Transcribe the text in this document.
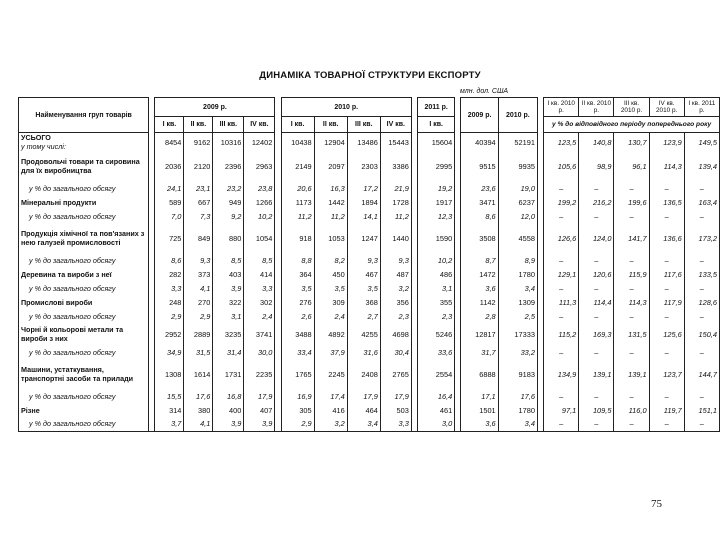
ДИНАМІКА ТОВАРНОЇ СТРУКТУРИ ЕКСПОРТУ
млн. дол. США
Найменування груп товарів		2009 р.					2010 р.					2011 р.		2009 р.	2010 р.		I кв. 2010 р.	II кв. 2010 р.	III кв. 2010 р.	IV кв. 2010 р.	I кв. 2011 р.
		I кв.	II кв.	III кв.	IV кв.		I кв.	II кв.	III кв.	IV кв.		I кв.					у % до відповідного періоду попереднього року				
УСЬОГО
у тому числі:		8454	9162	10316	12402		10438	12904	13486	15443		15604		40394	52191		123,5	140,8	130,7	123,9	149,5
Продовольчі товари та сировина для їх виробництва		2036	2120	2396	2963		2149	2097	2303	3386		2995		9515	9935		105,6	98,9	96,1	114,3	139,4
у % до загального обсягу		24,1	23,1	23,2	23,8		20,6	16,3	17,2	21,9		19,2		23,6	19,0		–	–	–	–	–
Мінеральні продукти		589	667	949	1266		1173	1442	1894	1728		1917		3471	6237		199,2	216,2	199,6	136,5	163,4
у % до загального обсягу		7,0	7,3	9,2	10,2		11,2	11,2	14,1	11,2		12,3		8,6	12,0		–	–	–	–	–
Продукція хімічної та пов'язаних з нею галузей промисловості		725	849	880	1054		918	1053	1247	1440		1590		3508	4558		126,6	124,0	141,7	136,6	173,2
у % до загального обсягу		8,6	9,3	8,5	8,5		8,8	8,2	9,3	9,3		10,2		8,7	8,9		–	–	–	–	–
Деревина та вироби з неї		282	373	403	414		364	450	467	487		486		1472	1780		129,1	120,6	115,9	117,6	133,5
у % до загального обсягу		3,3	4,1	3,9	3,3		3,5	3,5	3,5	3,2		3,1		3,6	3,4		–	–	–	–	–
Промислові вироби		248	270	322	302		276	309	368	356		355		1142	1309		111,3	114,4	114,3	117,9	128,6
у % до загального обсягу		2,9	2,9	3,1	2,4		2,6	2,4	2,7	2,3		2,3		2,8	2,5		–	–	–	–	–
Чорні й кольорові метали та вироби з них		2952	2889	3235	3741		3488	4892	4255	4698		5246		12817	17333		115,2	169,3	131,5	125,6	150,4
у % до загального обсягу		34,9	31,5	31,4	30,0		33,4	37,9	31,6	30,4		33,6		31,7	33,2		–	–	–	–	–
Машини, устаткування, транспортні засоби та прилади		1308	1614	1731	2235		1765	2245	2408	2765		2554		6888	9183		134,9	139,1	139,1	123,7	144,7
у % до загального обсягу		15,5	17,6	16,8	17,9		16,9	17,4	17,9	17,9		16,4		17,1	17,6		–	–	–	–	–
Різне		314	380	400	407		305	416	464	503		461		1501	1780		97,1	109,5	116,0	119,7	151,1
у % до загального обсягу		3,7	4,1	3,9	3,9		2,9	3,2	3,4	3,3		3,0		3,6	3,4		–	–	–	–	–
75
